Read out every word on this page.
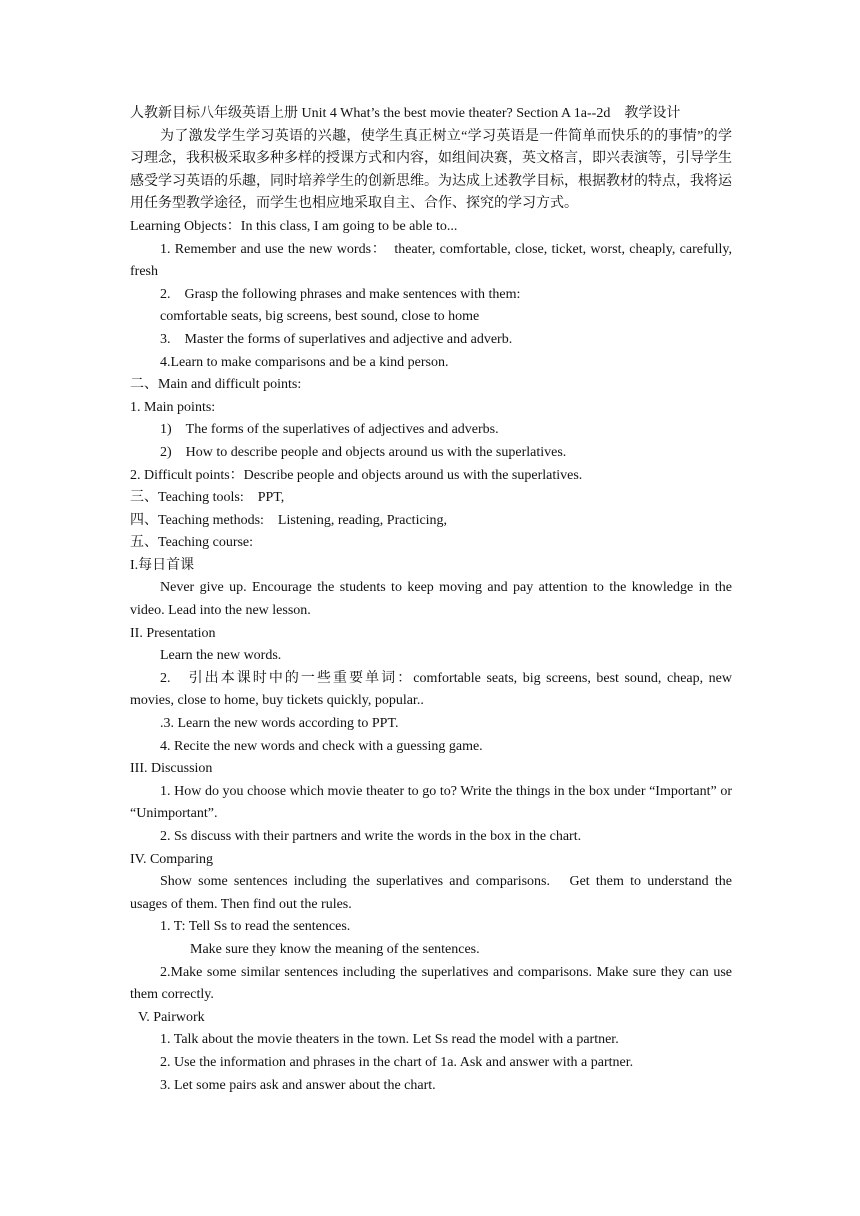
人教新目标八年级英语上册 Unit 4 What’s the best movie theater? Section A 1a--2d　教学设计

为了激发学生学习英语的兴趣，使学生真正树立“学习英语是一件简单而快乐的的事情”的学习理念，我积极采取多种多样的授课方式和内容，如组间决赛，英文格言，即兴表演等，引导学生感受学习英语的乐趣，同时培养学生的创新思维。为达成上述教学目标，根据教材的特点，我将运用任务型教学途径，而学生也相应地采取自主、合作、探究的学习方式。

Learning Objects：In this class, I am going to be able to...

1. Remember and use the new words：　theater, comfortable, close, ticket, worst, cheaply, carefully, fresh

2.　Grasp the following phrases and make sentences with them:

comfortable seats, big screens, best sound, close to home

3.　Master the forms of superlatives and adjective and adverb.

4.Learn to make comparisons and be a kind person.

二、Main and difficult points:

1. Main points:

1)　The forms of the superlatives of adjectives and adverbs.

2)　How to describe people and objects around us with the superlatives.

2. Difficult points：Describe people and objects around us with the superlatives.

三、Teaching tools:　PPT,

四、Teaching methods:　Listening, reading, Practicing,

五、Teaching course:

I.每日首课

Never give up. Encourage the students to keep moving and pay attention to the knowledge in the video. Lead into the new lesson.

II. Presentation

Learn the new words.

2.　引出本课时中的一些重要单词：comfortable seats, big screens, best sound, cheap, new movies, close to home, buy tickets quickly, popular..

.3. Learn the new words according to PPT.

4. Recite the new words and check with a guessing game.

III. Discussion

1. How do you choose which movie theater to go to? Write the things in the box under “Important” or “Unimportant”.

2. Ss discuss with their partners and write the words in the box in the chart.

IV. Comparing

Show some sentences including the superlatives and comparisons.　Get them to understand the usages of them. Then find out the rules.

1. T: Tell Ss to read the sentences.

Make sure they know the meaning of the sentences.

2.Make some similar sentences including the superlatives and comparisons. Make sure they can use them correctly.

V. Pairwork

1. Talk about the movie theaters in the town. Let Ss read the model with a partner.

2. Use the information and phrases in the chart of 1a. Ask and answer with a partner.

3. Let some pairs ask and answer about the chart.
